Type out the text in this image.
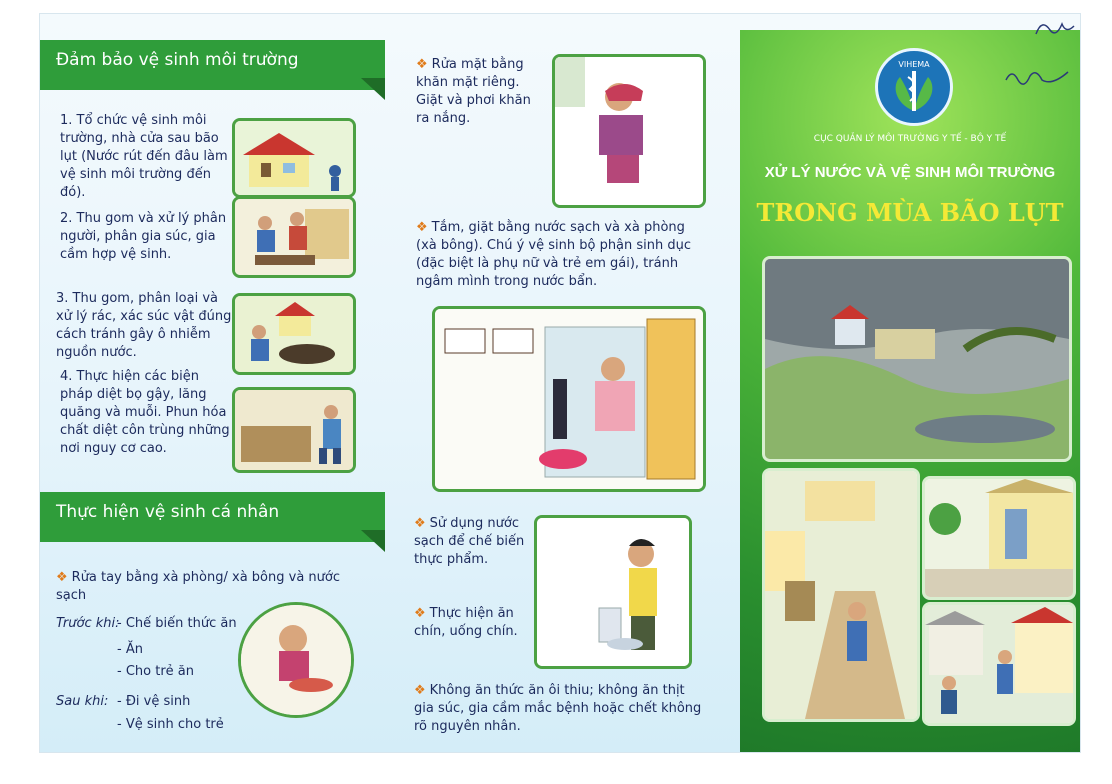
Đảm bảo vệ sinh môi trường
1. Tổ chức vệ sinh môi trường, nhà cửa sau bão lụt (Nước rút đến đâu làm vệ sinh môi trường đến đó).
2. Thu gom và xử lý phân người, phân gia súc, gia cầm hợp vệ sinh.
3. Thu gom, phân loại và xử lý rác, xác súc vật đúng cách tránh gây ô nhiễm nguồn nước.
4. Thực hiện các biện pháp diệt bọ gậy, lăng quăng và muỗi. Phun hóa chất diệt côn trùng những nơi nguy cơ cao.
Thực hiện vệ sinh cá nhân
❖ Rửa tay bằng xà phòng/ xà bông và nước sạch
Trước khi:
- Chế biến thức ăn
- Ăn
- Cho trẻ ăn
Sau khi: - Đi vệ sinh
- Vệ sinh cho trẻ
❖ Rửa mặt bằng khăn mặt riêng. Giặt và phơi khăn ra nắng.
❖ Tắm, giặt bằng nước sạch và xà phòng (xà bông). Chú ý vệ sinh bộ phận sinh dục (đặc biệt là phụ nữ và trẻ em gái), tránh ngâm mình trong nước bẩn.
❖ Sử dụng nước sạch để chế biến thực phẩm.
❖ Thực hiện ăn chín, uống chín.
❖ Không ăn thức ăn ôi thiu; không ăn thịt gia súc, gia cầm mắc bệnh hoặc chết không rõ nguyên nhân.
VIHEMA
CỤC QUẢN LÝ MÔI TRƯỜNG Y TẾ - BỘ Y TẾ
XỬ LÝ NƯỚC VÀ VỆ SINH MÔI TRƯỜNG
TRONG MÙA BÃO LỤT
